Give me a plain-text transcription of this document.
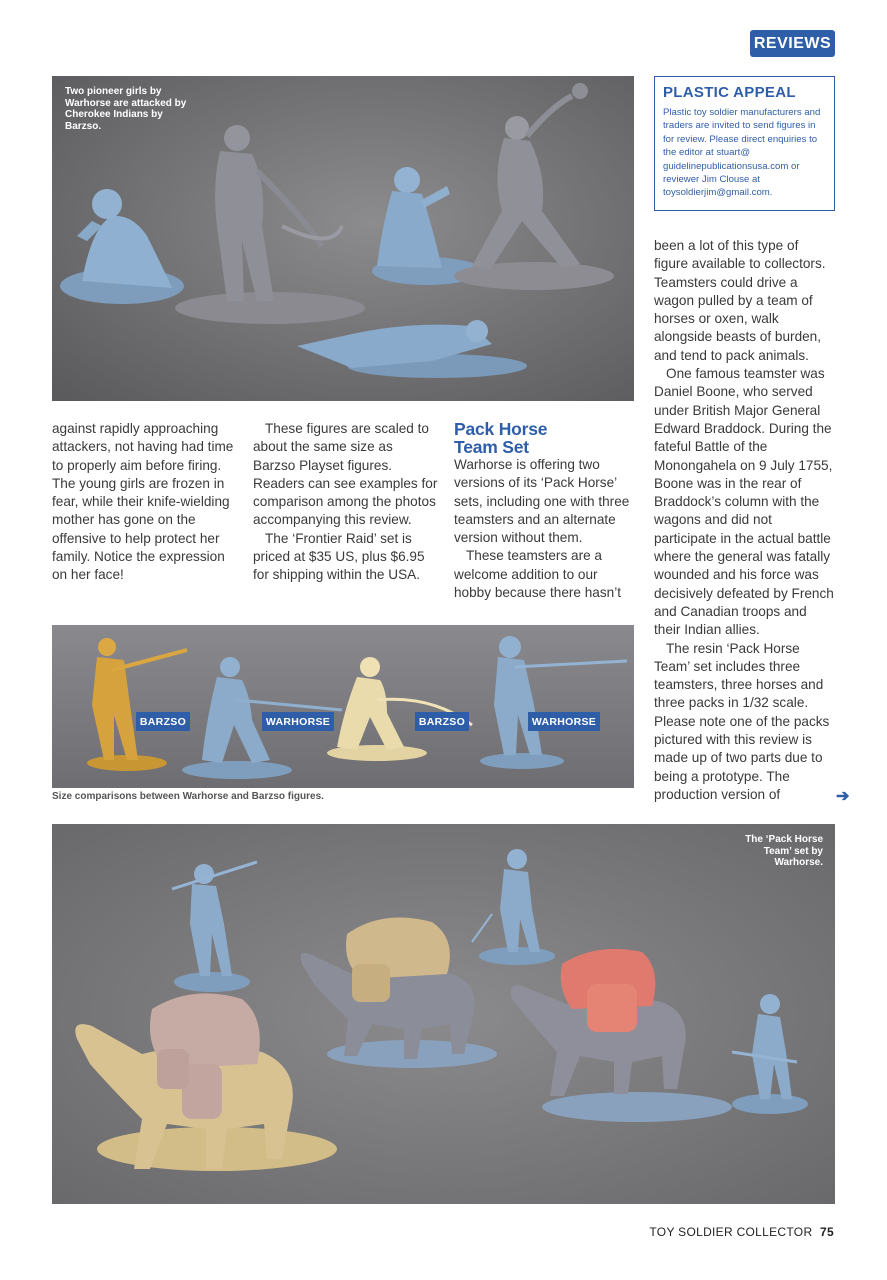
REVIEWS
Two pioneer girls by Warhorse are attacked by Cherokee Indians by Barzso.
PLASTIC APPEAL

Plastic toy soldier manufacturers and traders are invited to send figures in for review. Please direct enquiries to the editor at stuart@ guidelinepublicationsusa.com or reviewer Jim Clouse at toysoldierjim@gmail.com.

against rapidly approaching attackers, not having had time to properly aim before firing. The young girls are frozen in fear, while their knife-wielding mother has gone on the offensive to help protect her family. Notice the expression on her face!

These figures are scaled to about the same size as Barzso Playset figures. Readers can see examples for comparison among the photos accompanying this review.

The ‘Frontier Raid’ set is priced at $35 US, plus $6.95 for shipping within the USA.

Pack Horse
Team Set

Warhorse is offering two versions of its ‘Pack Horse’ sets, including one with three teamsters and an alternate version without them.

These teamsters are a welcome addition to our hobby because there hasn’t

been a lot of this type of figure available to collectors. Teamsters could drive a wagon pulled by a team of horses or oxen, walk alongside beasts of burden, and tend to pack animals.

One famous teamster was Daniel Boone, who served under British Major General Edward Braddock. During the fateful Battle of the Monongahela on 9 July 1755, Boone was in the rear of Braddock’s column with the wagons and did not participate in the actual battle where the general was fatally wounded and his force was decisively defeated by French and Canadian troops and their Indian allies.

The resin ‘Pack Horse Team’ set includes three teamsters, three horses and three packs in 1/32 scale. Please note one of the packs pictured with this review is made up of two parts due to being a prototype. The production version of	➔
BARZSO	WARHORSE	BARZSO	WARHORSE
Size comparisons between Warhorse and Barzso figures.
The ‘Pack Horse Team’ set by Warhorse.
TOY SOLDIER COLLECTOR 75
